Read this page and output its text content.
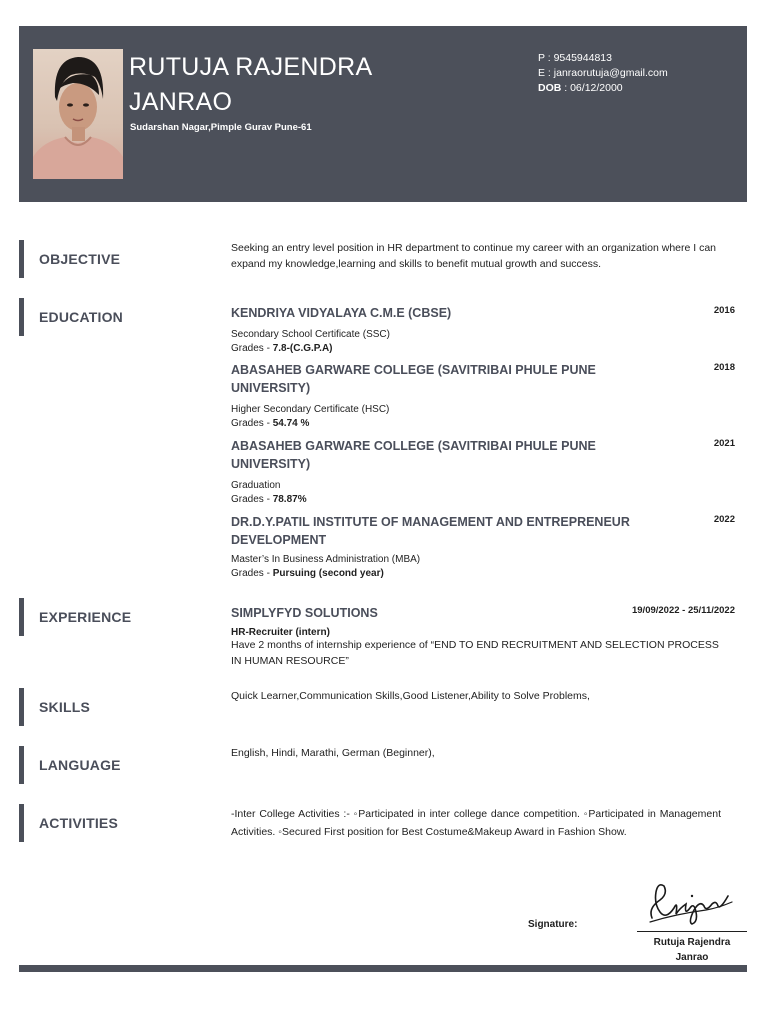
RUTUJA RAJENDRA JANRAO
Sudarshan Nagar,Pimple Gurav Pune-61
P : 9545944813
E : janraorutuja@gmail.com
DOB : 06/12/2000
OBJECTIVE
Seeking an entry level position in HR department to continue my career with an organization where I can expand my knowledge,learning and skills to benefit mutual growth and success.
EDUCATION	2016
KENDRIYA VIDYALAYA C.M.E (CBSE)
Secondary School Certificate (SSC)
Grades - 7.8-(C.G.P.A)
2018
ABASAHEB GARWARE COLLEGE (SAVITRIBAI PHULE PUNE UNIVERSITY)
Higher Secondary Certificate (HSC)
Grades - 54.74 %
2021
ABASAHEB GARWARE COLLEGE (SAVITRIBAI PHULE PUNE UNIVERSITY)
Graduation
Grades - 78.87%
2022
DR.D.Y.PATIL INSTITUTE OF MANAGEMENT AND ENTREPRENEUR DEVELOPMENT
Master’s In Business Administration (MBA)
Grades - Pursuing (second year)
EXPERIENCE	19/09/2022 - 25/11/2022
SIMPLYFYD SOLUTIONS
HR-Recruiter (intern)
Have 2 months of internship experience of “END TO END RECRUITMENT AND SELECTION PROCESS IN HUMAN RESOURCE”
SKILLS
Quick Learner,Communication Skills,Good Listener,Ability to Solve Problems,
LANGUAGE
English, Hindi, Marathi, German (Beginner),
ACTIVITIES
-Inter College Activities :- ◦Participated in inter college dance competition. ◦Participated in Management Activities. ◦Secured First position for Best Costume&Makeup Award in Fashion Show.
Signature:
Rutuja Rajendra
Janrao
